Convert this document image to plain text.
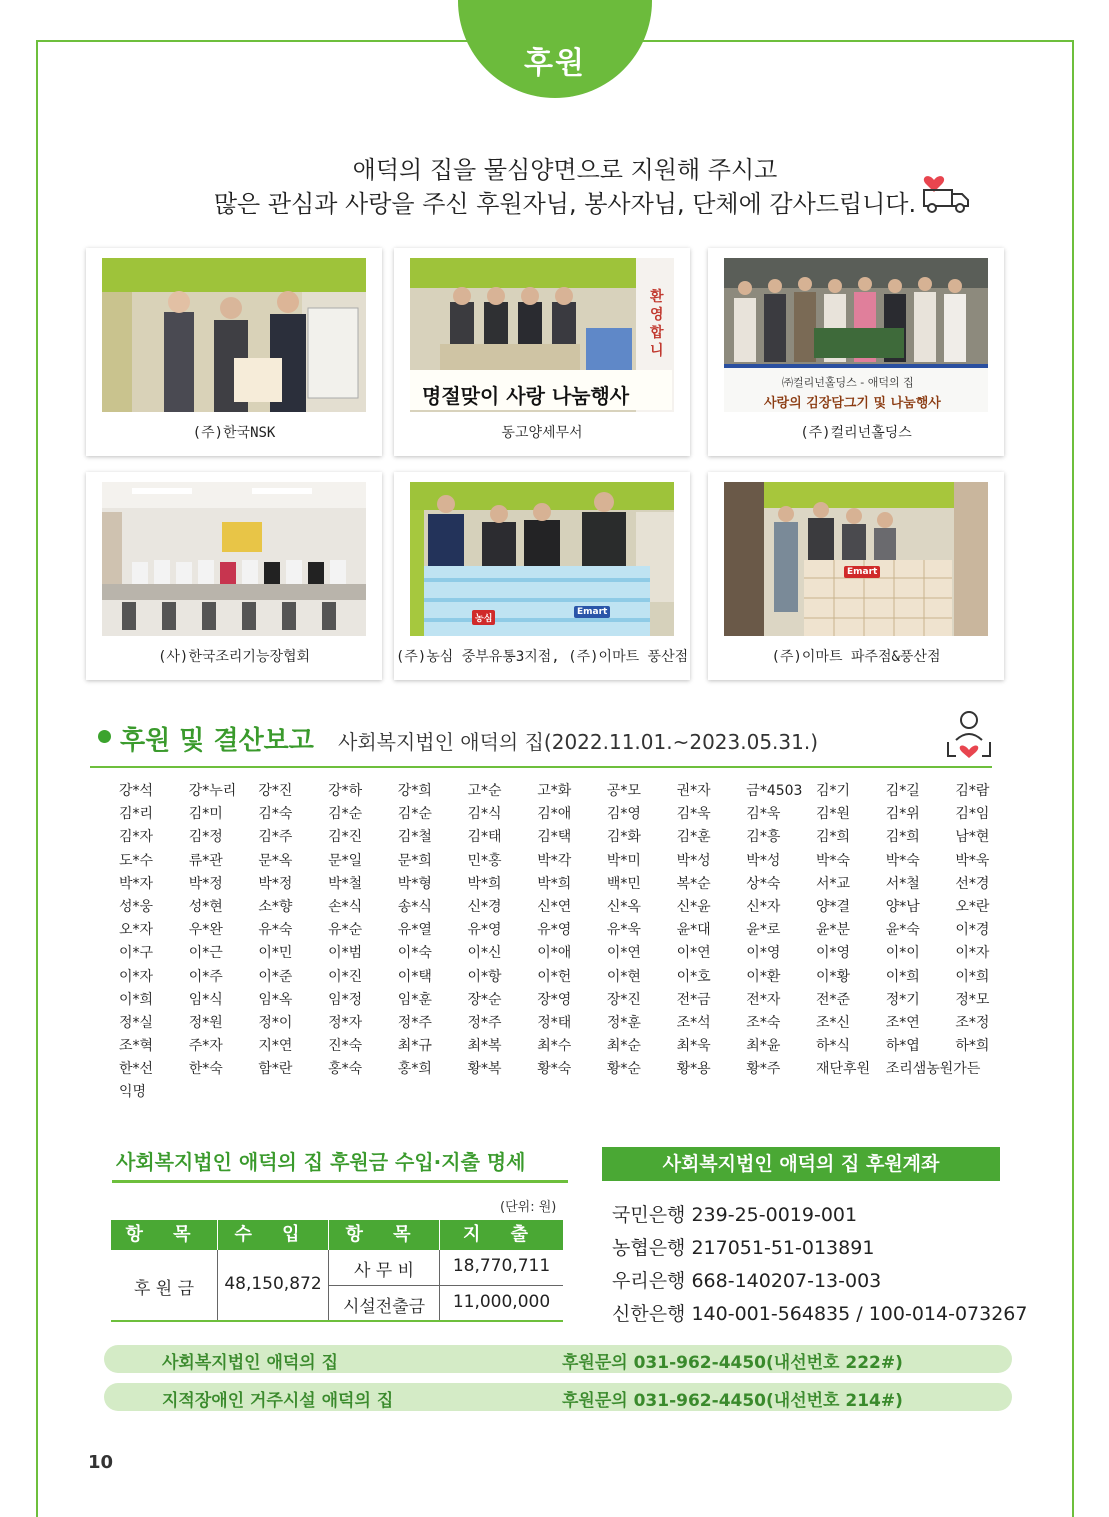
후원
애덕의 집을 물심양면으로 지원해 주시고
많은 관심과 사랑을 주신 후원자님, 봉사자님, 단체에 감사드립니다.
(주)한국NSK
명절맞이 사랑 나눔행사
환영합니
동고양세무서
㈜컬리넌홀딩스 - 애덕의 집
사랑의 김장담그기 및 나눔행사
(주)컬리넌홀딩스
(사)한국조리기능장협회
농심
Emart
(주)농심 중부유통3지점, (주)이마트 풍산점
Emart
(주)이마트 파주점&풍산점
후원 및 결산보고 사회복지법인 애덕의 집(2022.11.01.~2023.05.31.)
강*석	강*누리 강*진	강*하	강*희	고*순	고*화	공*모	권*자	금*4503 김*기	김*길	김*람
김*리	김*미	김*숙	김*순	김*순	김*식	김*애	김*영	김*욱	김*욱	김*원	김*위	김*임
김*자	김*정	김*주	김*진	김*철	김*태	김*택	김*화	김*훈	김*흥	김*희	김*희	남*현
도*수	류*관	문*옥	문*일	문*희	민*홍	박*각	박*미	박*성	박*성	박*숙	박*숙	박*욱
박*자	박*정	박*정	박*철	박*형	박*희	박*희	백*민	복*순	상*숙	서*교	서*철	선*경
성*웅	성*현	소*향	손*식	송*식	신*경	신*연	신*옥	신*윤	신*자	양*결	양*남	오*란
오*자	우*완	유*숙	유*순	유*열	유*영	유*영	유*욱	윤*대	윤*로	윤*분	윤*숙	이*경
이*구	이*근	이*민	이*범	이*숙	이*신	이*애	이*연	이*연	이*영	이*영	이*이	이*자
이*자	이*주	이*준	이*진	이*택	이*항	이*헌	이*현	이*호	이*환	이*황	이*희	이*희
이*희	임*식	임*옥	임*정	임*훈	장*순	장*영	장*진	전*금	전*자	전*준	정*기	정*모
정*실	정*원	정*이	정*자	정*주	정*주	정*태	정*훈	조*석	조*숙	조*신	조*연	조*정
조*혁	주*자	지*연	진*숙	최*규	최*복	최*수	최*순	최*욱	최*윤	하*식	하*엽	하*희
한*선	한*숙	함*란	홍*숙	홍*희	황*복	황*숙	황*순	황*용	황*주	재단후원 조리샘농원가든
익명
사회복지법인 애덕의 집 후원금 수입·지출 명세
(단위: 원)
항 목	수 입	항 목	지 출
후 원 금	48,150,872
사 무 비	18,770,711
시설전출금	11,000,000
사회복지법인 애덕의 집 후원계좌
국민은행 239-25-0019-001
농협은행 217051-51-013891
우리은행 668-140207-13-003
신한은행 140-001-564835 / 100-014-073267
사회복지법인 애덕의 집	후원문의 031-962-4450(내선번호 222#)
지적장애인 거주시설 애덕의 집	후원문의 031-962-4450(내선번호 214#)
10
